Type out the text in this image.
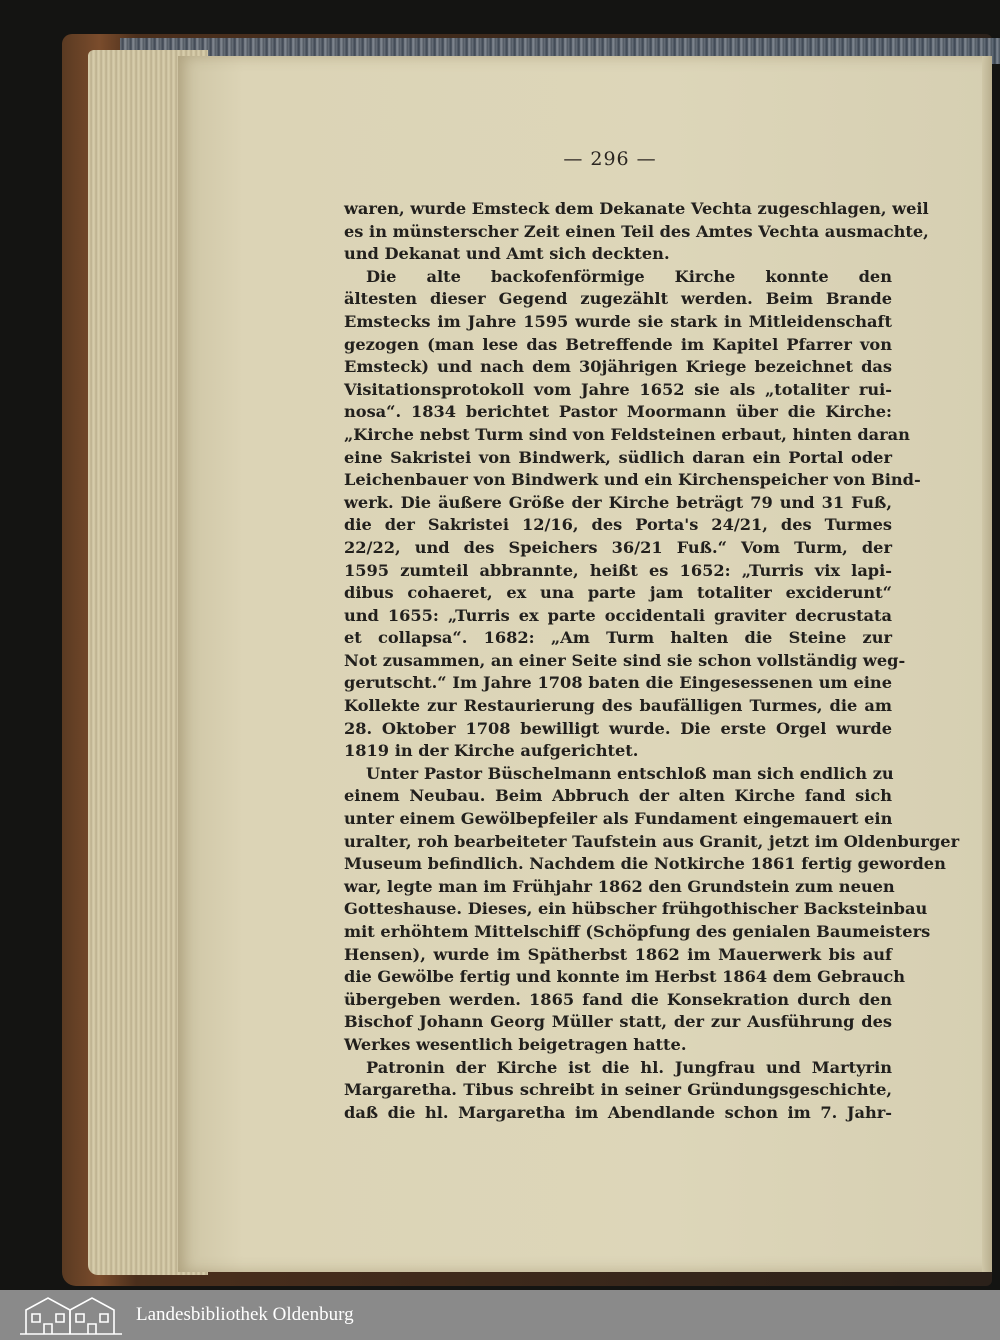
— 296 —
waren, wurde Emsteck dem Dekanate Vechta zugeschlagen, weil
es in münsterscher Zeit einen Teil des Amtes Vechta ausmachte,
und Dekanat und Amt sich deckten.
Die alte backofenförmige Kirche konnte den
ältesten dieser Gegend zugezählt werden. Beim Brande
Emstecks im Jahre 1595 wurde sie stark in Mitleidenschaft
gezogen (man lese das Betreffende im Kapitel Pfarrer von
Emsteck) und nach dem 30jährigen Kriege bezeichnet das
Visitationsprotokoll vom Jahre 1652 sie als „totaliter rui-
nosa“. 1834 berichtet Pastor Moormann über die Kirche:
„Kirche nebst Turm sind von Feldsteinen erbaut, hinten daran
eine Sakristei von Bindwerk, südlich daran ein Portal oder
Leichenbauer von Bindwerk und ein Kirchenspeicher von Bind-
werk. Die äußere Größe der Kirche beträgt 79 und 31 Fuß,
die der Sakristei 12/16, des Porta's 24/21, des Turmes
22/22, und des Speichers 36/21 Fuß.“ Vom Turm, der
1595 zumteil abbrannte, heißt es 1652: „Turris vix lapi-
dibus cohaeret, ex una parte jam totaliter exciderunt“
und 1655: „Turris ex parte occidentali graviter decrustata
et collapsa“. 1682: „Am Turm halten die Steine zur
Not zusammen, an einer Seite sind sie schon vollständig weg-
gerutscht.“ Im Jahre 1708 baten die Eingesessenen um eine
Kollekte zur Restaurierung des baufälligen Turmes, die am
28. Oktober 1708 bewilligt wurde. Die erste Orgel wurde
1819 in der Kirche aufgerichtet.
Unter Pastor Büschelmann entschloß man sich endlich zu
einem Neubau. Beim Abbruch der alten Kirche fand sich
unter einem Gewölbepfeiler als Fundament eingemauert ein
uralter, roh bearbeiteter Taufstein aus Granit, jetzt im Oldenburger
Museum befindlich. Nachdem die Notkirche 1861 fertig geworden
war, legte man im Frühjahr 1862 den Grundstein zum neuen
Gotteshause. Dieses, ein hübscher frühgothischer Backsteinbau
mit erhöhtem Mittelschiff (Schöpfung des genialen Baumeisters
Hensen), wurde im Spätherbst 1862 im Mauerwerk bis auf
die Gewölbe fertig und konnte im Herbst 1864 dem Gebrauch
übergeben werden. 1865 fand die Konsekration durch den
Bischof Johann Georg Müller statt, der zur Ausführung des
Werkes wesentlich beigetragen hatte.
Patronin der Kirche ist die hl. Jungfrau und Martyrin
Margaretha. Tibus schreibt in seiner Gründungsgeschichte,
daß die hl. Margaretha im Abendlande schon im 7. Jahr-
Landesbibliothek Oldenburg
